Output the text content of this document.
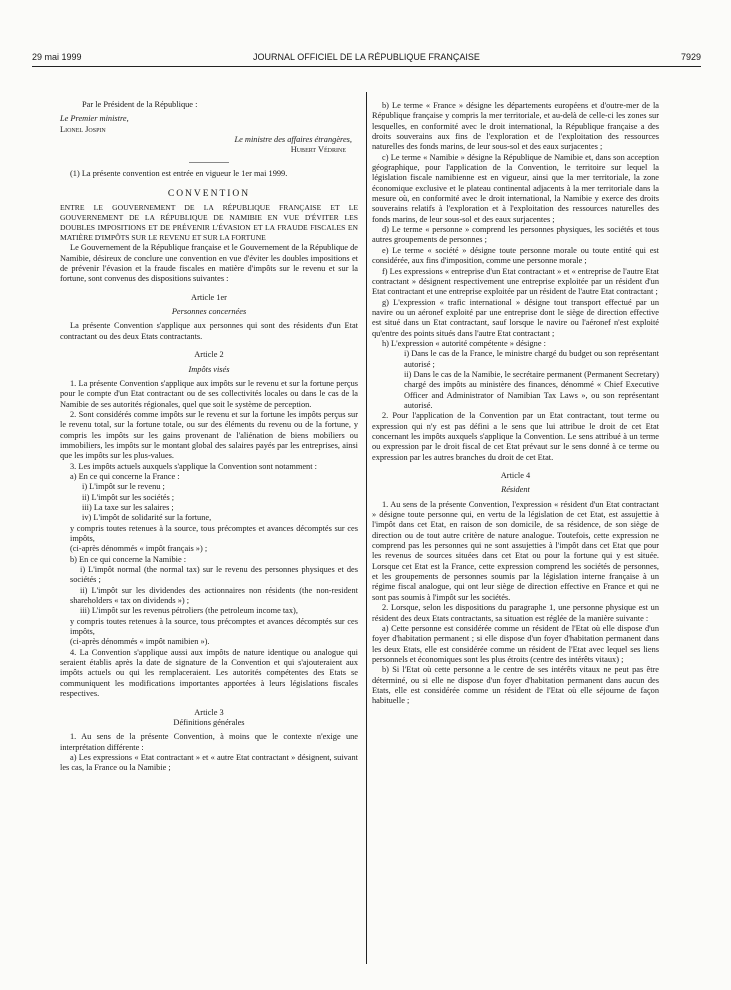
29 mai 1999	JOURNAL OFFICIEL DE LA RÉPUBLIQUE FRANÇAISE	7929

Par le Président de la République :

Le Premier ministre,

Lionel Jospin

Le ministre des affaires étrangères,

Hubert Védrine

(1) La présente convention est entrée en vigueur le 1er mai 1999.

CONVENTION

ENTRE LE GOUVERNEMENT DE LA RÉPUBLIQUE FRANÇAISE ET LE GOUVERNEMENT DE LA RÉPUBLIQUE DE NAMIBIE EN VUE D'ÉVITER LES DOUBLES IMPOSITIONS ET DE PRÉVENIR L'ÉVASION ET LA FRAUDE FISCALES EN MATIÈRE D'IMPÔTS SUR LE REVENU ET SUR LA FORTUNE

Le Gouvernement de la République française et le Gouvernement de la République de Namibie, désireux de conclure une convention en vue d'éviter les doubles impositions et de prévenir l'évasion et la fraude fiscales en matière d'impôts sur le revenu et sur la fortune, sont convenus des dispositions suivantes :

Article 1er

Personnes concernées

La présente Convention s'applique aux personnes qui sont des résidents d'un Etat contractant ou des deux Etats contractants.

Article 2

Impôts visés

1. La présente Convention s'applique aux impôts sur le revenu et sur la fortune perçus pour le compte d'un Etat contractant ou de ses collectivités locales ou dans le cas de la Namibie de ses autorités régionales, quel que soit le système de perception.

2. Sont considérés comme impôts sur le revenu et sur la fortune les impôts perçus sur le revenu total, sur la fortune totale, ou sur des éléments du revenu ou de la fortune, y compris les impôts sur les gains provenant de l'aliénation de biens mobiliers ou immobiliers, les impôts sur le montant global des salaires payés par les entreprises, ainsi que les impôts sur les plus-values.

3. Les impôts actuels auxquels s'applique la Convention sont notamment :

a) En ce qui concerne la France :

i) L'impôt sur le revenu ;

ii) L'impôt sur les sociétés ;

iii) La taxe sur les salaires ;

iv) L'impôt de solidarité sur la fortune,

y compris toutes retenues à la source, tous précomptes et avances décomptés sur ces impôts,

(ci-après dénommés « impôt français ») ;

b) En ce qui concerne la Namibie :

i) L'impôt normal (the normal tax) sur le revenu des personnes physiques et des sociétés ;

ii) L'impôt sur les dividendes des actionnaires non résidents (the non-resident shareholders « tax on dividends ») ;

iii) L'impôt sur les revenus pétroliers (the petroleum income tax),

y compris toutes retenues à la source, tous précomptes et avances décomptés sur ces impôts,

(ci-après dénommés « impôt namibien »).

4. La Convention s'applique aussi aux impôts de nature identique ou analogue qui seraient établis après la date de signature de la Convention et qui s'ajouteraient aux impôts actuels ou qui les remplaceraient. Les autorités compétentes des Etats se communiquent les modifications importantes apportées à leurs législations fiscales respectives.

Article 3

Définitions générales

1. Au sens de la présente Convention, à moins que le contexte n'exige une interprétation différente :

a) Les expressions « Etat contractant » et « autre Etat contractant » désignent, suivant les cas, la France ou la Namibie ;

b) Le terme « France » désigne les départements européens et d'outre-mer de la République française y compris la mer territoriale, et au-delà de celle-ci les zones sur lesquelles, en conformité avec le droit international, la République française a des droits souverains aux fins de l'exploration et de l'exploitation des ressources naturelles des fonds marins, de leur sous-sol et des eaux surjacentes ;

c) Le terme « Namibie » désigne la République de Namibie et, dans son acception géographique, pour l'application de la Convention, le territoire sur lequel la législation fiscale namibienne est en vigueur, ainsi que la mer territoriale, la zone économique exclusive et le plateau continental adjacents à la mer territoriale dans la mesure où, en conformité avec le droit international, la Namibie y exerce des droits souverains relatifs à l'exploration et à l'exploitation des ressources naturelles des fonds marins, de leur sous-sol et des eaux surjacentes ;

d) Le terme « personne » comprend les personnes physiques, les sociétés et tous autres groupements de personnes ;

e) Le terme « société » désigne toute personne morale ou toute entité qui est considérée, aux fins d'imposition, comme une personne morale ;

f) Les expressions « entreprise d'un Etat contractant » et « entreprise de l'autre Etat contractant » désignent respectivement une entreprise exploitée par un résident d'un Etat contractant et une entreprise exploitée par un résident de l'autre Etat contractant ;

g) L'expression « trafic international » désigne tout transport effectué par un navire ou un aéronef exploité par une entreprise dont le siège de direction effective est situé dans un Etat contractant, sauf lorsque le navire ou l'aéronef n'est exploité qu'entre des points situés dans l'autre Etat contractant ;

h) L'expression « autorité compétente » désigne :

i) Dans le cas de la France, le ministre chargé du budget ou son représentant autorisé ;

ii) Dans le cas de la Namibie, le secrétaire permanent (Permanent Secretary) chargé des impôts au ministère des finances, dénommé « Chief Executive Officer and Administrator of Namibian Tax Laws », ou son représentant autorisé.

2. Pour l'application de la Convention par un Etat contractant, tout terme ou expression qui n'y est pas défini a le sens que lui attribue le droit de cet Etat concernant les impôts auxquels s'applique la Convention. Le sens attribué à un terme ou expression par le droit fiscal de cet Etat prévaut sur le sens donné à ce terme ou expression par les autres branches du droit de cet Etat.

Article 4

Résident

1. Au sens de la présente Convention, l'expression « résident d'un Etat contractant » désigne toute personne qui, en vertu de la législation de cet Etat, est assujettie à l'impôt dans cet Etat, en raison de son domicile, de sa résidence, de son siège de direction ou de tout autre critère de nature analogue. Toutefois, cette expression ne comprend pas les personnes qui ne sont assujetties à l'impôt dans cet Etat que pour les revenus de sources situées dans cet Etat ou pour la fortune qui y est située. Lorsque cet Etat est la France, cette expression comprend les sociétés de personnes, et les groupements de personnes soumis par la législation interne française à un régime fiscal analogue, qui ont leur siège de direction effective en France et qui ne sont pas soumis à l'impôt sur les sociétés.

2. Lorsque, selon les dispositions du paragraphe 1, une personne physique est un résident des deux Etats contractants, sa situation est réglée de la manière suivante :

a) Cette personne est considérée comme un résident de l'Etat où elle dispose d'un foyer d'habitation permanent ; si elle dispose d'un foyer d'habitation permanent dans les deux Etats, elle est considérée comme un résident de l'Etat avec lequel ses liens personnels et économiques sont les plus étroits (centre des intérêts vitaux) ;

b) Si l'Etat où cette personne a le centre de ses intérêts vitaux ne peut pas être déterminé, ou si elle ne dispose d'un foyer d'habitation permanent dans aucun des Etats, elle est considérée comme un résident de l'Etat où elle séjourne de façon habituelle ;
